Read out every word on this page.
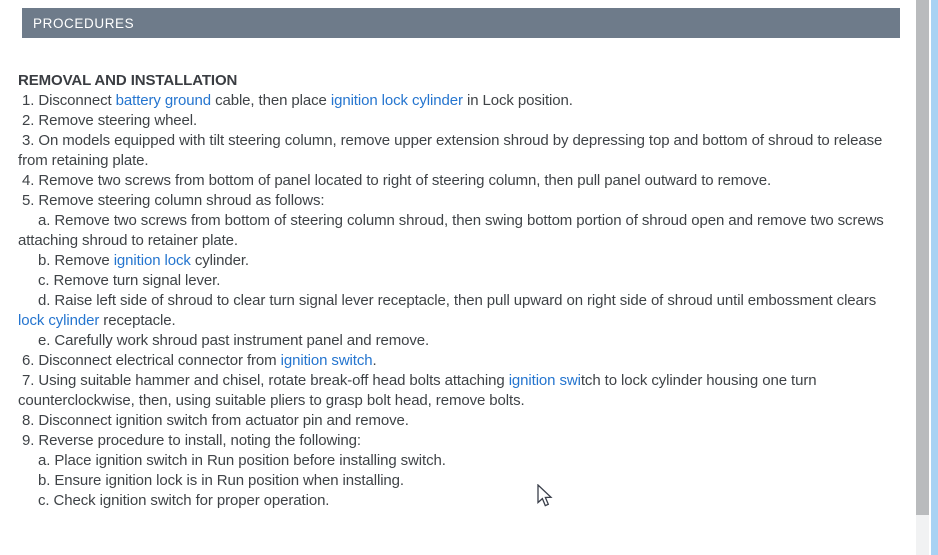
PROCEDURES
REMOVAL AND INSTALLATION

1. Disconnect battery ground cable, then place ignition lock cylinder in Lock position.

2. Remove steering wheel.

3. On models equipped with tilt steering column, remove upper extension shroud by depressing top and bottom of shroud to release from retaining plate.

4. Remove two screws from bottom of panel located to right of steering column, then pull panel outward to remove.

5. Remove steering column shroud as follows:

a. Remove two screws from bottom of steering column shroud, then swing bottom portion of shroud open and remove two screws attaching shroud to retainer plate.

b. Remove ignition lock cylinder.

c. Remove turn signal lever.

d. Raise left side of shroud to clear turn signal lever receptacle, then pull upward on right side of shroud until embossment clears lock cylinder receptacle.

e. Carefully work shroud past instrument panel and remove.

6. Disconnect electrical connector from ignition switch.

7. Using suitable hammer and chisel, rotate break-off head bolts attaching ignition switch to lock cylinder housing one turn counterclockwise, then, using suitable pliers to grasp bolt head, remove bolts.

8. Disconnect ignition switch from actuator pin and remove.

9. Reverse procedure to install, noting the following:

a. Place ignition switch in Run position before installing switch.

b. Ensure ignition lock is in Run position when installing.

c. Check ignition switch for proper operation.
